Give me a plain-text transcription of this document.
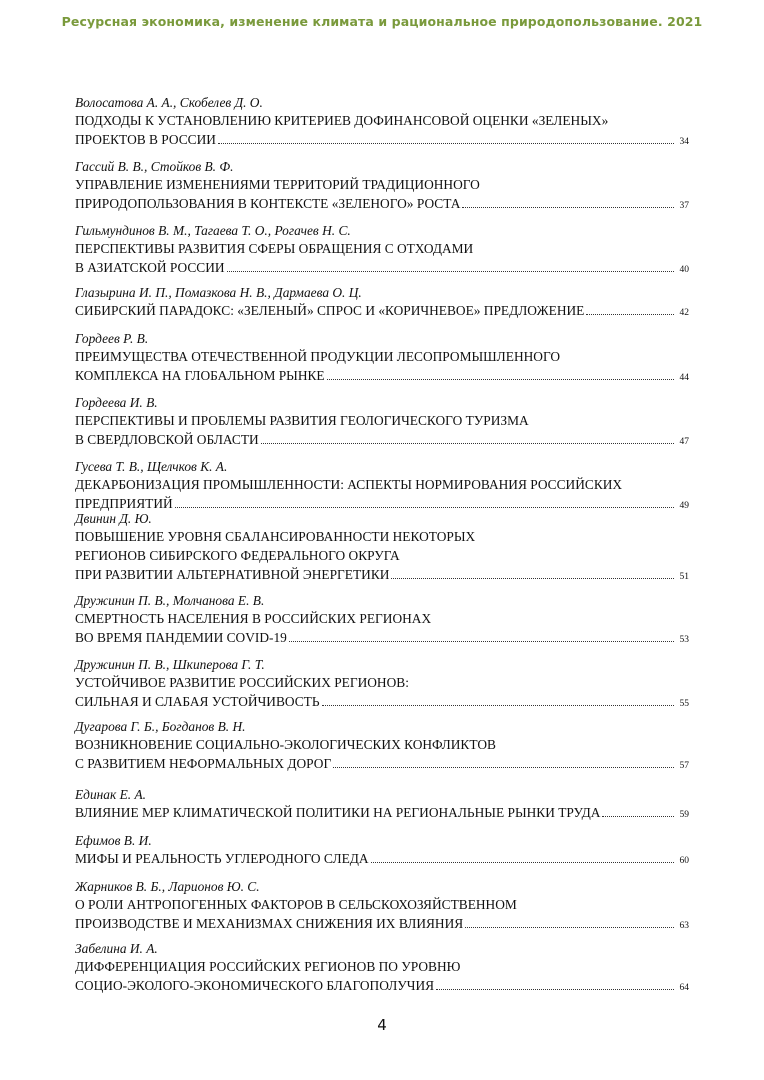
Ресурсная экономика, изменение климата и рациональное природопользование. 2021
Волосатова А. А., Скобелев Д. О.
ПОДХОДЫ К УСТАНОВЛЕНИЮ КРИТЕРИЕВ ДОФИНАНСОВОЙ ОЦЕНКИ «ЗЕЛЕНЫХ»
ПРОЕКТОВ В РОССИИ	34
Гассий В. В., Стойков В. Ф.
УПРАВЛЕНИЕ ИЗМЕНЕНИЯМИ ТЕРРИТОРИЙ ТРАДИЦИОННОГО
ПРИРОДОПОЛЬЗОВАНИЯ В КОНТЕКСТЕ «ЗЕЛЕНОГО» РОСТА	37
Гильмундинов В. М., Тагаева Т. О., Рогачев Н. С.
ПЕРСПЕКТИВЫ РАЗВИТИЯ СФЕРЫ ОБРАЩЕНИЯ С ОТХОДАМИ
В АЗИАТСКОЙ РОССИИ	40
Глазырина И. П., Помазкова Н. В., Дармаева О. Ц.
СИБИРСКИЙ ПАРАДОКС: «ЗЕЛЕНЫЙ» СПРОС И «КОРИЧНЕВОЕ» ПРЕДЛОЖЕНИЕ	42
Гордеев Р. В.
ПРЕИМУЩЕСТВА ОТЕЧЕСТВЕННОЙ ПРОДУКЦИИ ЛЕСОПРОМЫШЛЕННОГО
КОМПЛЕКСА НА ГЛОБАЛЬНОМ РЫНКЕ	44
Гордеева И. В.
ПЕРСПЕКТИВЫ И ПРОБЛЕМЫ РАЗВИТИЯ ГЕОЛОГИЧЕСКОГО ТУРИЗМА
В СВЕРДЛОВСКОЙ ОБЛАСТИ	47
Гусева Т. В., Щелчков К. А.
ДЕКАРБОНИЗАЦИЯ ПРОМЫШЛЕННОСТИ: АСПЕКТЫ НОРМИРОВАНИЯ РОССИЙСКИХ
ПРЕДПРИЯТИЙ	49
Двинин Д. Ю.
ПОВЫШЕНИЕ УРОВНЯ СБАЛАНСИРОВАННОСТИ НЕКОТОРЫХ
РЕГИОНОВ СИБИРСКОГО ФЕДЕРАЛЬНОГО ОКРУГА
ПРИ РАЗВИТИИ АЛЬТЕРНАТИВНОЙ ЭНЕРГЕТИКИ	51
Дружинин П. В., Молчанова Е. В.
СМЕРТНОСТЬ НАСЕЛЕНИЯ В РОССИЙСКИХ РЕГИОНАХ
ВО ВРЕМЯ ПАНДЕМИИ COVID-19	53
Дружинин П. В., Шкиперова Г. Т.
УСТОЙЧИВОЕ РАЗВИТИЕ РОССИЙСКИХ РЕГИОНОВ:
СИЛЬНАЯ И СЛАБАЯ УСТОЙЧИВОСТЬ	55
Дугарова Г. Б., Богданов В. Н.
ВОЗНИКНОВЕНИЕ СОЦИАЛЬНО-ЭКОЛОГИЧЕСКИХ КОНФЛИКТОВ
С РАЗВИТИЕМ НЕФОРМАЛЬНЫХ ДОРОГ	57
Единак Е. А.
ВЛИЯНИЕ МЕР КЛИМАТИЧЕСКОЙ ПОЛИТИКИ НА РЕГИОНАЛЬНЫЕ РЫНКИ ТРУДА	59
Ефимов В. И.
МИФЫ И РЕАЛЬНОСТЬ УГЛЕРОДНОГО СЛЕДА	60
Жарников В. Б., Ларионов Ю. С.
О РОЛИ АНТРОПОГЕННЫХ ФАКТОРОВ В СЕЛЬСКОХОЗЯЙСТВЕННОМ
ПРОИЗВОДСТВЕ И МЕХАНИЗМАХ СНИЖЕНИЯ ИХ ВЛИЯНИЯ	63
Забелина И. А.
ДИФФЕРЕНЦИАЦИЯ РОССИЙСКИХ РЕГИОНОВ ПО УРОВНЮ
СОЦИО-ЭКОЛОГО-ЭКОНОМИЧЕСКОГО БЛАГОПОЛУЧИЯ	64
4
